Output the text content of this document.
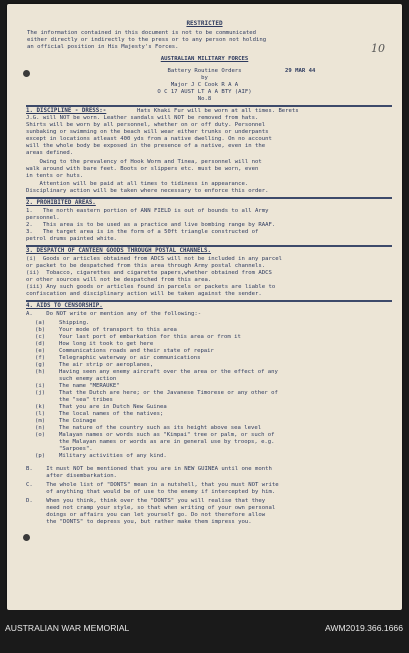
RESTRICTED
The information contained in this document is not to be communicated
either directly or indirectly to the press or to any person not holding
an official position in His Majesty's Forces.	10
AUSTRALIAN MILITARY FORCES
Battery Routine Orders	29 MAR 44
by
Major J C Cook R A A
O C 17 AUST LT A A BTY (AIF)
No.8
1. DISCIPLINE - DRESS:-	Hats Khaki Fur will be worn at all times. Berets
J.G. will NOT be worn. Leather sandals will NOT be removed from hats.
Shirts will be worn by all personnel, whether on or off duty. Personnel
sunbaking or swimming on the beach will wear either trunks or underpants
except in locations atleast 400 yds from a native dwelling. On no account
will the whole body be exposed in the presence of a native, even in the
areas defined.
Owing to the prevalency of Hook Worm and Tinea, personnel will not
walk around with bare feet. Boots or slippers etc. must be worn, even
in tents or huts.
Attention will be paid at all times to tidiness in appearance.
Disciplinary action will be taken where necessary to enforce this order.
2. PROHIBITED AREAS.
1.   The north eastern portion of ANN FIELD is out of bounds to all Army
personnel.
2.   This area is to be used as a practice and live bombing range by RAAF.
3.   The target area is in the form of a 50ft triangle constructed of
petrol drums painted white.
3. DESPATCH OF CANTEEN GOODS THROUGH POSTAL CHANNELS.
(i)  Goods or articles obtained from ADCS will not be included in any parcel
or packet to be despatched from this area through Army postal channels.
(ii)  Tobacco, cigarettes and cigarette papers,whether obtained from ADCS
or other sources will not be despatched from this area.
(iii) Any such goods or articles found in parcels or packets are liable to
confiscation and disciplinary action will be taken against the sender.
4. AIDS TO CENSORSHIP.
A.    Do NOT write or mention any of the following:-
(a) Shipping.
(b) Your mode of transport to this area
(c) Your last port of embarkation for this area or from it
(d) How long it took to get here
(e) Communications roads and their state of repair
(f) Telegraphic waterway or air communications
(g) The air strip or aeroplanes,
(h) Having seen any enemy aircraft over the area or the effect of any
such enemy action
(i) The name "MERAUKE"
(j) That the Dutch are here; or the Javanese Timorese or any other of
the "sea" tribes
(k) That you are in Dutch New Guinea
(l) The local names of the natives;
(m) The Coinage
(n) The nature of the country such as its height above sea level
(o) Malayan names or words such as "Kimpai" tree or palm, or such of
the Malayan names or words as are in general use by troops, e.g.
"Sarpoes".
(p) Military activities of any kind.
B.    It must NOT be mentioned that you are in NEW GUINEA until one month
after disembarkation.
C.    The whole list of "DONTS" mean in a nutshell, that you must NOT write
of anything that would be of use to the enemy if intercepted by him.
D.    When you think, think over the "DONTS" you will realise that they
need not cramp your style, so that when writing of your own personal
doings or affairs you can let yourself go. Do not therefore allow
the "DONTS" to depress you, but rather make them impress you.
AUSTRALIAN WAR MEMORIAL	AWM2019.366.1666
